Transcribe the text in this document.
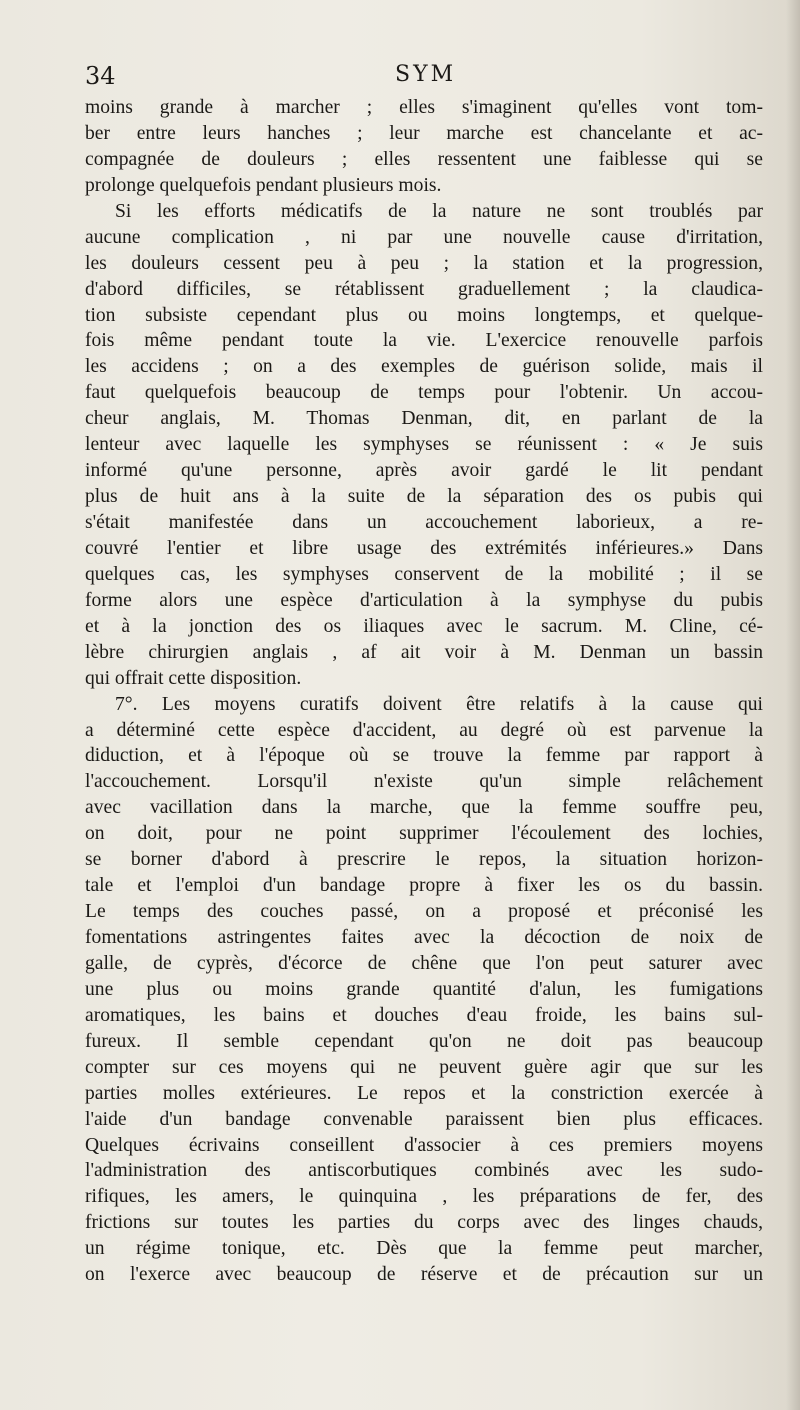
34	SYM
moins grande à marcher ; elles s'imaginent qu'elles vont tom-
ber entre leurs hanches ; leur marche est chancelante et ac-
compagnée de douleurs ; elles ressentent une faiblesse qui se
prolonge quelquefois pendant plusieurs mois.
Si les efforts médicatifs de la nature ne sont troublés par
aucune complication , ni par une nouvelle cause d'irritation,
les douleurs cessent peu à peu ; la station et la progression,
d'abord difficiles, se rétablissent graduellement ; la claudica-
tion subsiste cependant plus ou moins longtemps, et quelque-
fois même pendant toute la vie. L'exercice renouvelle parfois
les accidens ; on a des exemples de guérison solide, mais il
faut quelquefois beaucoup de temps pour l'obtenir. Un accou-
cheur anglais, M. Thomas Denman, dit, en parlant de la
lenteur avec laquelle les symphyses se réunissent : « Je suis
informé qu'une personne, après avoir gardé le lit pendant
plus de huit ans à la suite de la séparation des os pubis qui
s'était manifestée dans un accouchement laborieux, a re-
couvré l'entier et libre usage des extrémités inférieures.» Dans
quelques cas, les symphyses conservent de la mobilité ; il se
forme alors une espèce d'articulation à la symphyse du pubis
et à la jonction des os iliaques avec le sacrum. M. Cline, cé-
lèbre chirurgien anglais , af ait voir à M. Denman un bassin
qui offrait cette disposition.
7°. Les moyens curatifs doivent être relatifs à la cause qui
a déterminé cette espèce d'accident, au degré où est parvenue la
diduction, et à l'époque où se trouve la femme par rapport à
l'accouchement. Lorsqu'il n'existe qu'un simple relâchement
avec vacillation dans la marche, que la femme souffre peu,
on doit, pour ne point supprimer l'écoulement des lochies,
se borner d'abord à prescrire le repos, la situation horizon-
tale et l'emploi d'un bandage propre à fixer les os du bassin.
Le temps des couches passé, on a proposé et préconisé les
fomentations astringentes faites avec la décoction de noix de
galle, de cyprès, d'écorce de chêne que l'on peut saturer avec
une plus ou moins grande quantité d'alun, les fumigations
aromatiques, les bains et douches d'eau froide, les bains sul-
fureux. Il semble cependant qu'on ne doit pas beaucoup
compter sur ces moyens qui ne peuvent guère agir que sur les
parties molles extérieures. Le repos et la constriction exercée à
l'aide d'un bandage convenable paraissent bien plus efficaces.
Quelques écrivains conseillent d'associer à ces premiers moyens
l'administration des antiscorbutiques combinés avec les sudo-
rifiques, les amers, le quinquina , les préparations de fer, des
frictions sur toutes les parties du corps avec des linges chauds,
un régime tonique, etc. Dès que la femme peut marcher,
on l'exerce avec beaucoup de réserve et de précaution sur un
